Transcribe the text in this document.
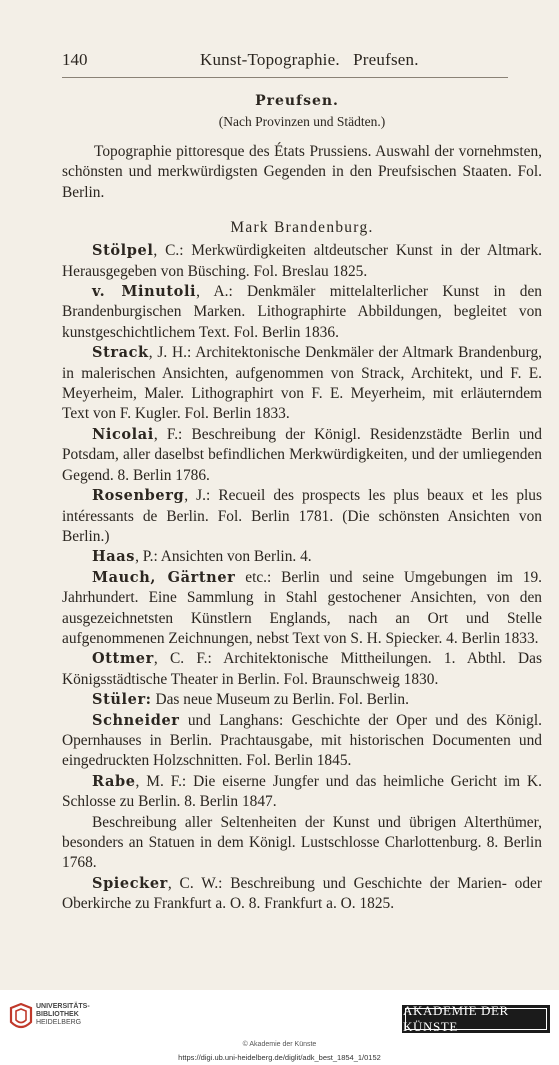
140	Kunst-Topographie.   Preufsen.
Preufsen.
(Nach Provinzen und Städten.)

Topographie pittoresque des États Prussiens. Auswahl der vornehmsten, schönsten und merkwürdigsten Gegenden in den Preufsischen Staaten. Fol. Berlin.

Mark Brandenburg.

Stölpel, C.: Merkwürdigkeiten altdeutscher Kunst in der Altmark. Herausgegeben von Büsching. Fol. Breslau 1825.

v. Minutoli, A.: Denkmäler mittelalterlicher Kunst in den Brandenburgischen Marken. Lithographirte Abbildungen, begleitet von kunstgeschichtlichem Text. Fol. Berlin 1836.

Strack, J. H.: Architektonische Denkmäler der Altmark Brandenburg, in malerischen Ansichten, aufgenommen von Strack, Architekt, und F. E. Meyerheim, Maler. Lithographirt von F. E. Meyerheim, mit erläuterndem Text von F. Kugler. Fol. Berlin 1833.

Nicolai, F.: Beschreibung der Königl. Residenzstädte Berlin und Potsdam, aller daselbst befindlichen Merkwürdigkeiten, und der umliegenden Gegend. 8. Berlin 1786.

Rosenberg, J.: Recueil des prospects les plus beaux et les plus intéressants de Berlin. Fol. Berlin 1781. (Die schönsten Ansichten von Berlin.)

Haas, P.: Ansichten von Berlin. 4.

Mauch, Gärtner etc.: Berlin und seine Umgebungen im 19. Jahrhundert. Eine Sammlung in Stahl gestochener Ansichten, von den ausgezeichnetsten Künstlern Englands, nach an Ort und Stelle aufgenommenen Zeichnungen, nebst Text von S. H. Spiecker. 4. Berlin 1833.

Ottmer, C. F.: Architektonische Mittheilungen. 1. Abthl. Das Königsstädtische Theater in Berlin. Fol. Braunschweig 1830.

Stüler: Das neue Museum zu Berlin. Fol. Berlin.

Schneider und Langhans: Geschichte der Oper und des Königl. Opernhauses in Berlin. Prachtausgabe, mit historischen Documenten und eingedruckten Holzschnitten. Fol. Berlin 1845.

Rabe, M. F.: Die eiserne Jungfer und das heimliche Gericht im K. Schlosse zu Berlin. 8. Berlin 1847.

Beschreibung aller Seltenheiten der Kunst und übrigen Alterthümer, besonders an Statuen in dem Königl. Lustschlosse Charlottenburg. 8. Berlin 1768.

Spiecker, C. W.: Beschreibung und Geschichte der Marien- oder Oberkirche zu Frankfurt a. O. 8. Frankfurt a. O. 1825.

UNIVERSITÄTS-
BIBLIOTHEK
HEIDELBERG
AKADEMIE DER KÜNSTE
© Akademie der Künste
https://digi.ub.uni-heidelberg.de/diglit/adk_best_1854_1/0152
